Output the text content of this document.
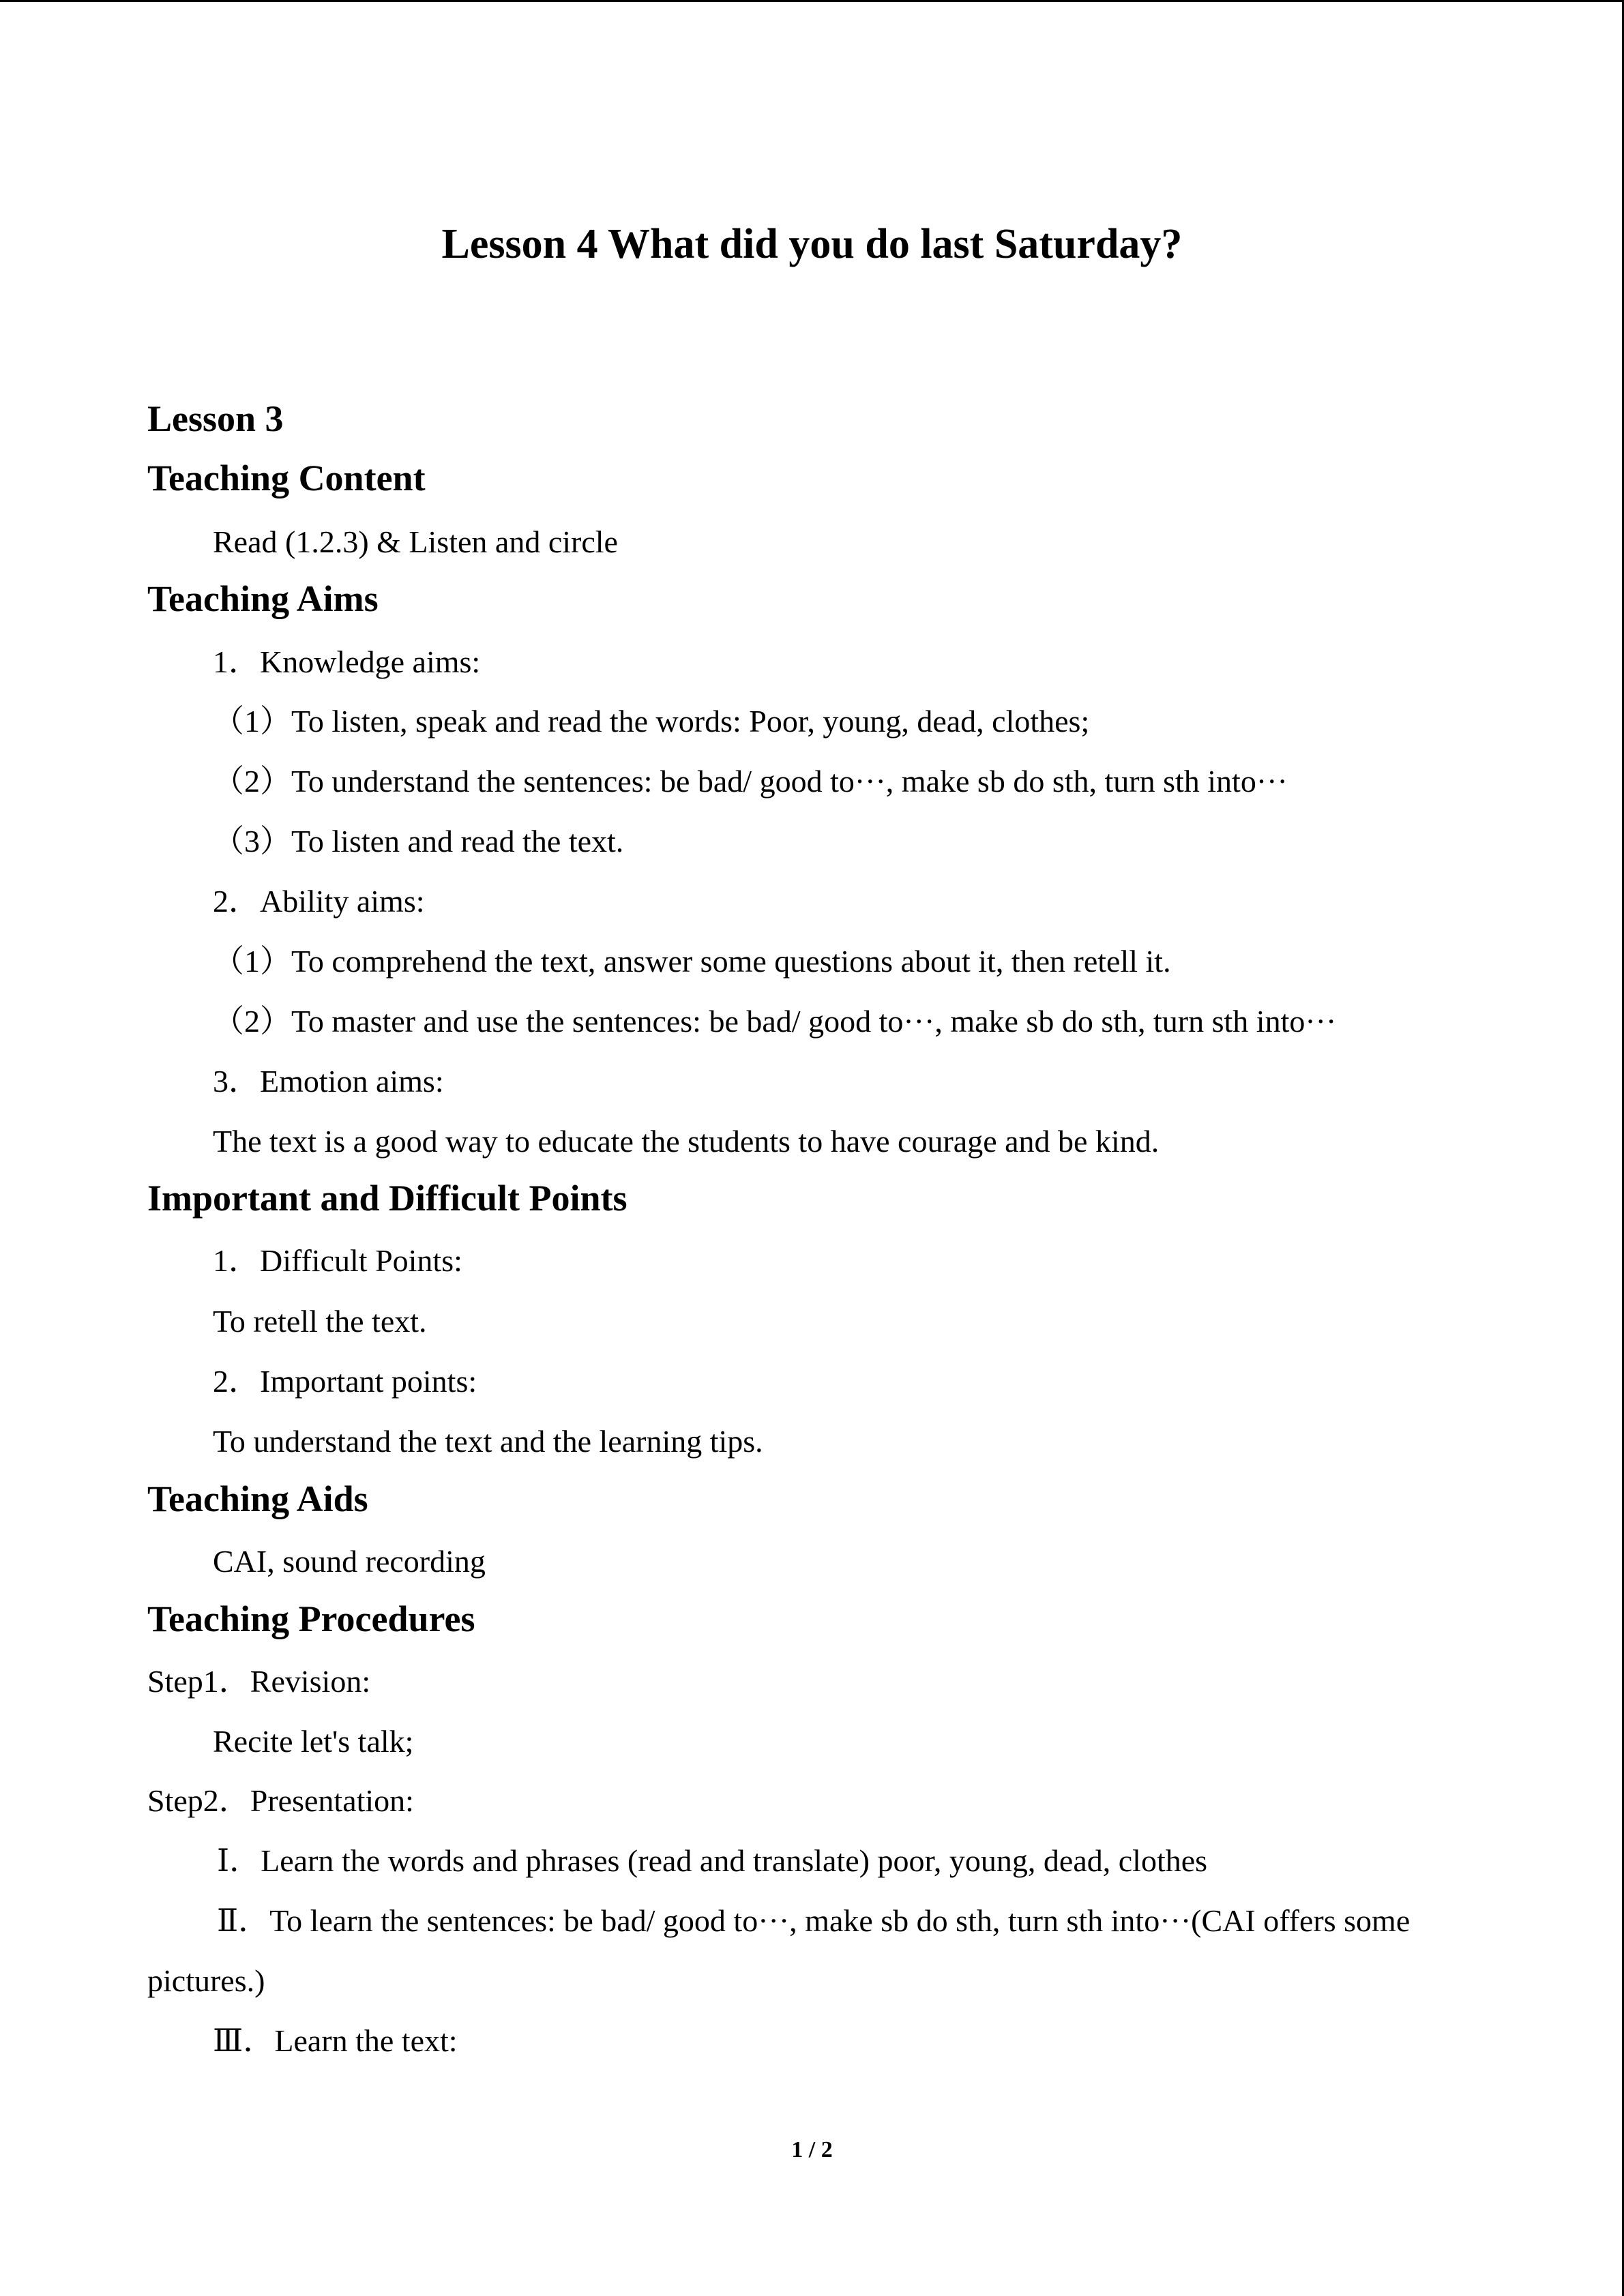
Lesson 4 What did you do last Saturday?
Lesson 3
Teaching Content
Read (1.2.3) & Listen and circle
Teaching Aims
1．Knowledge aims:
（1）To listen, speak and read the words: Poor, young, dead, clothes;
（2）To understand the sentences: be bad/ good to···, make sb do sth, turn sth into···
（3）To listen and read the text.
2．Ability aims:
（1）To comprehend the text, answer some questions about it, then retell it.
（2）To master and use the sentences: be bad/ good to···, make sb do sth, turn sth into···
3．Emotion aims:
The text is a good way to educate the students to have courage and be kind.
Important and Difficult Points
1．Difficult Points:
To retell the text.
2．Important points:
To understand the text and the learning tips.
Teaching Aids
CAI, sound recording
Teaching Procedures
Step1．Revision:
Recite let's talk;
Step2．Presentation:
Ⅰ．Learn the words and phrases (read and translate) poor, young, dead, clothes
Ⅱ．To learn the sentences: be bad/ good to···, make sb do sth, turn sth into···(CAI offers some
pictures.)
Ⅲ．Learn the text:
1 / 2
